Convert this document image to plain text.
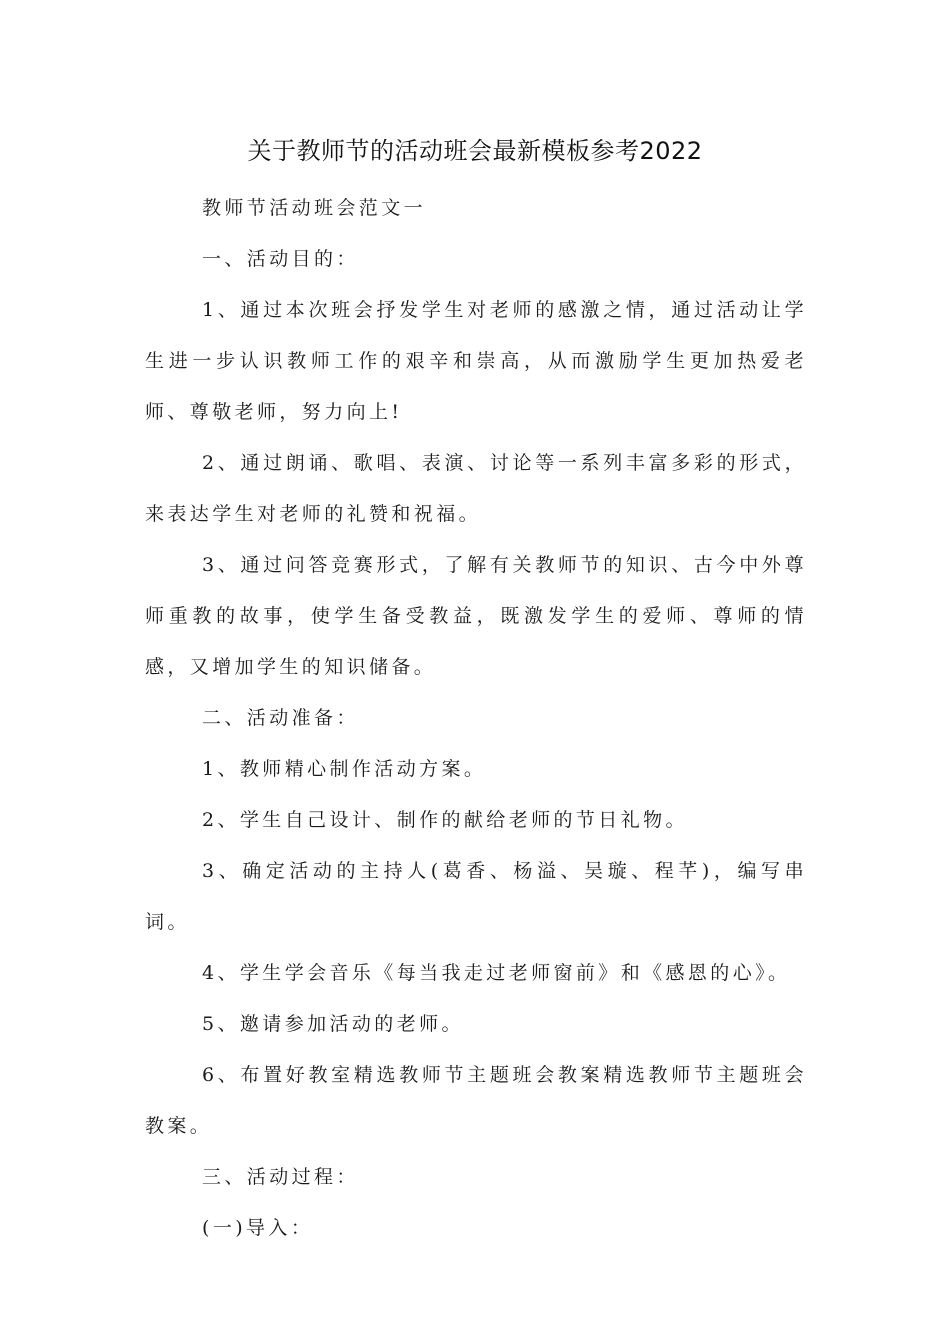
关于教师节的活动班会最新模板参考2022

教师节活动班会范文一

一、活动目的：

1、通过本次班会抒发学生对老师的感激之情，通过活动让学生进一步认识教师工作的艰辛和崇高，从而激励学生更加热爱老师、尊敬老师，努力向上!

2、通过朗诵、歌唱、表演、讨论等一系列丰富多彩的形式，来表达学生对老师的礼赞和祝福。

3、通过问答竞赛形式，了解有关教师节的知识、古今中外尊师重教的故事，使学生备受教益，既激发学生的爱师、尊师的情感，又增加学生的知识储备。

二、活动准备：

1、教师精心制作活动方案。

2、学生自己设计、制作的献给老师的节日礼物。

3、确定活动的主持人(葛香、杨溢、吴璇、程芊)，编写串词。

4、学生学会音乐《每当我走过老师窗前》和《感恩的心》。

5、邀请参加活动的老师。

6、布置好教室精选教师节主题班会教案精选教师节主题班会教案。

三、活动过程：

(一)导入：
